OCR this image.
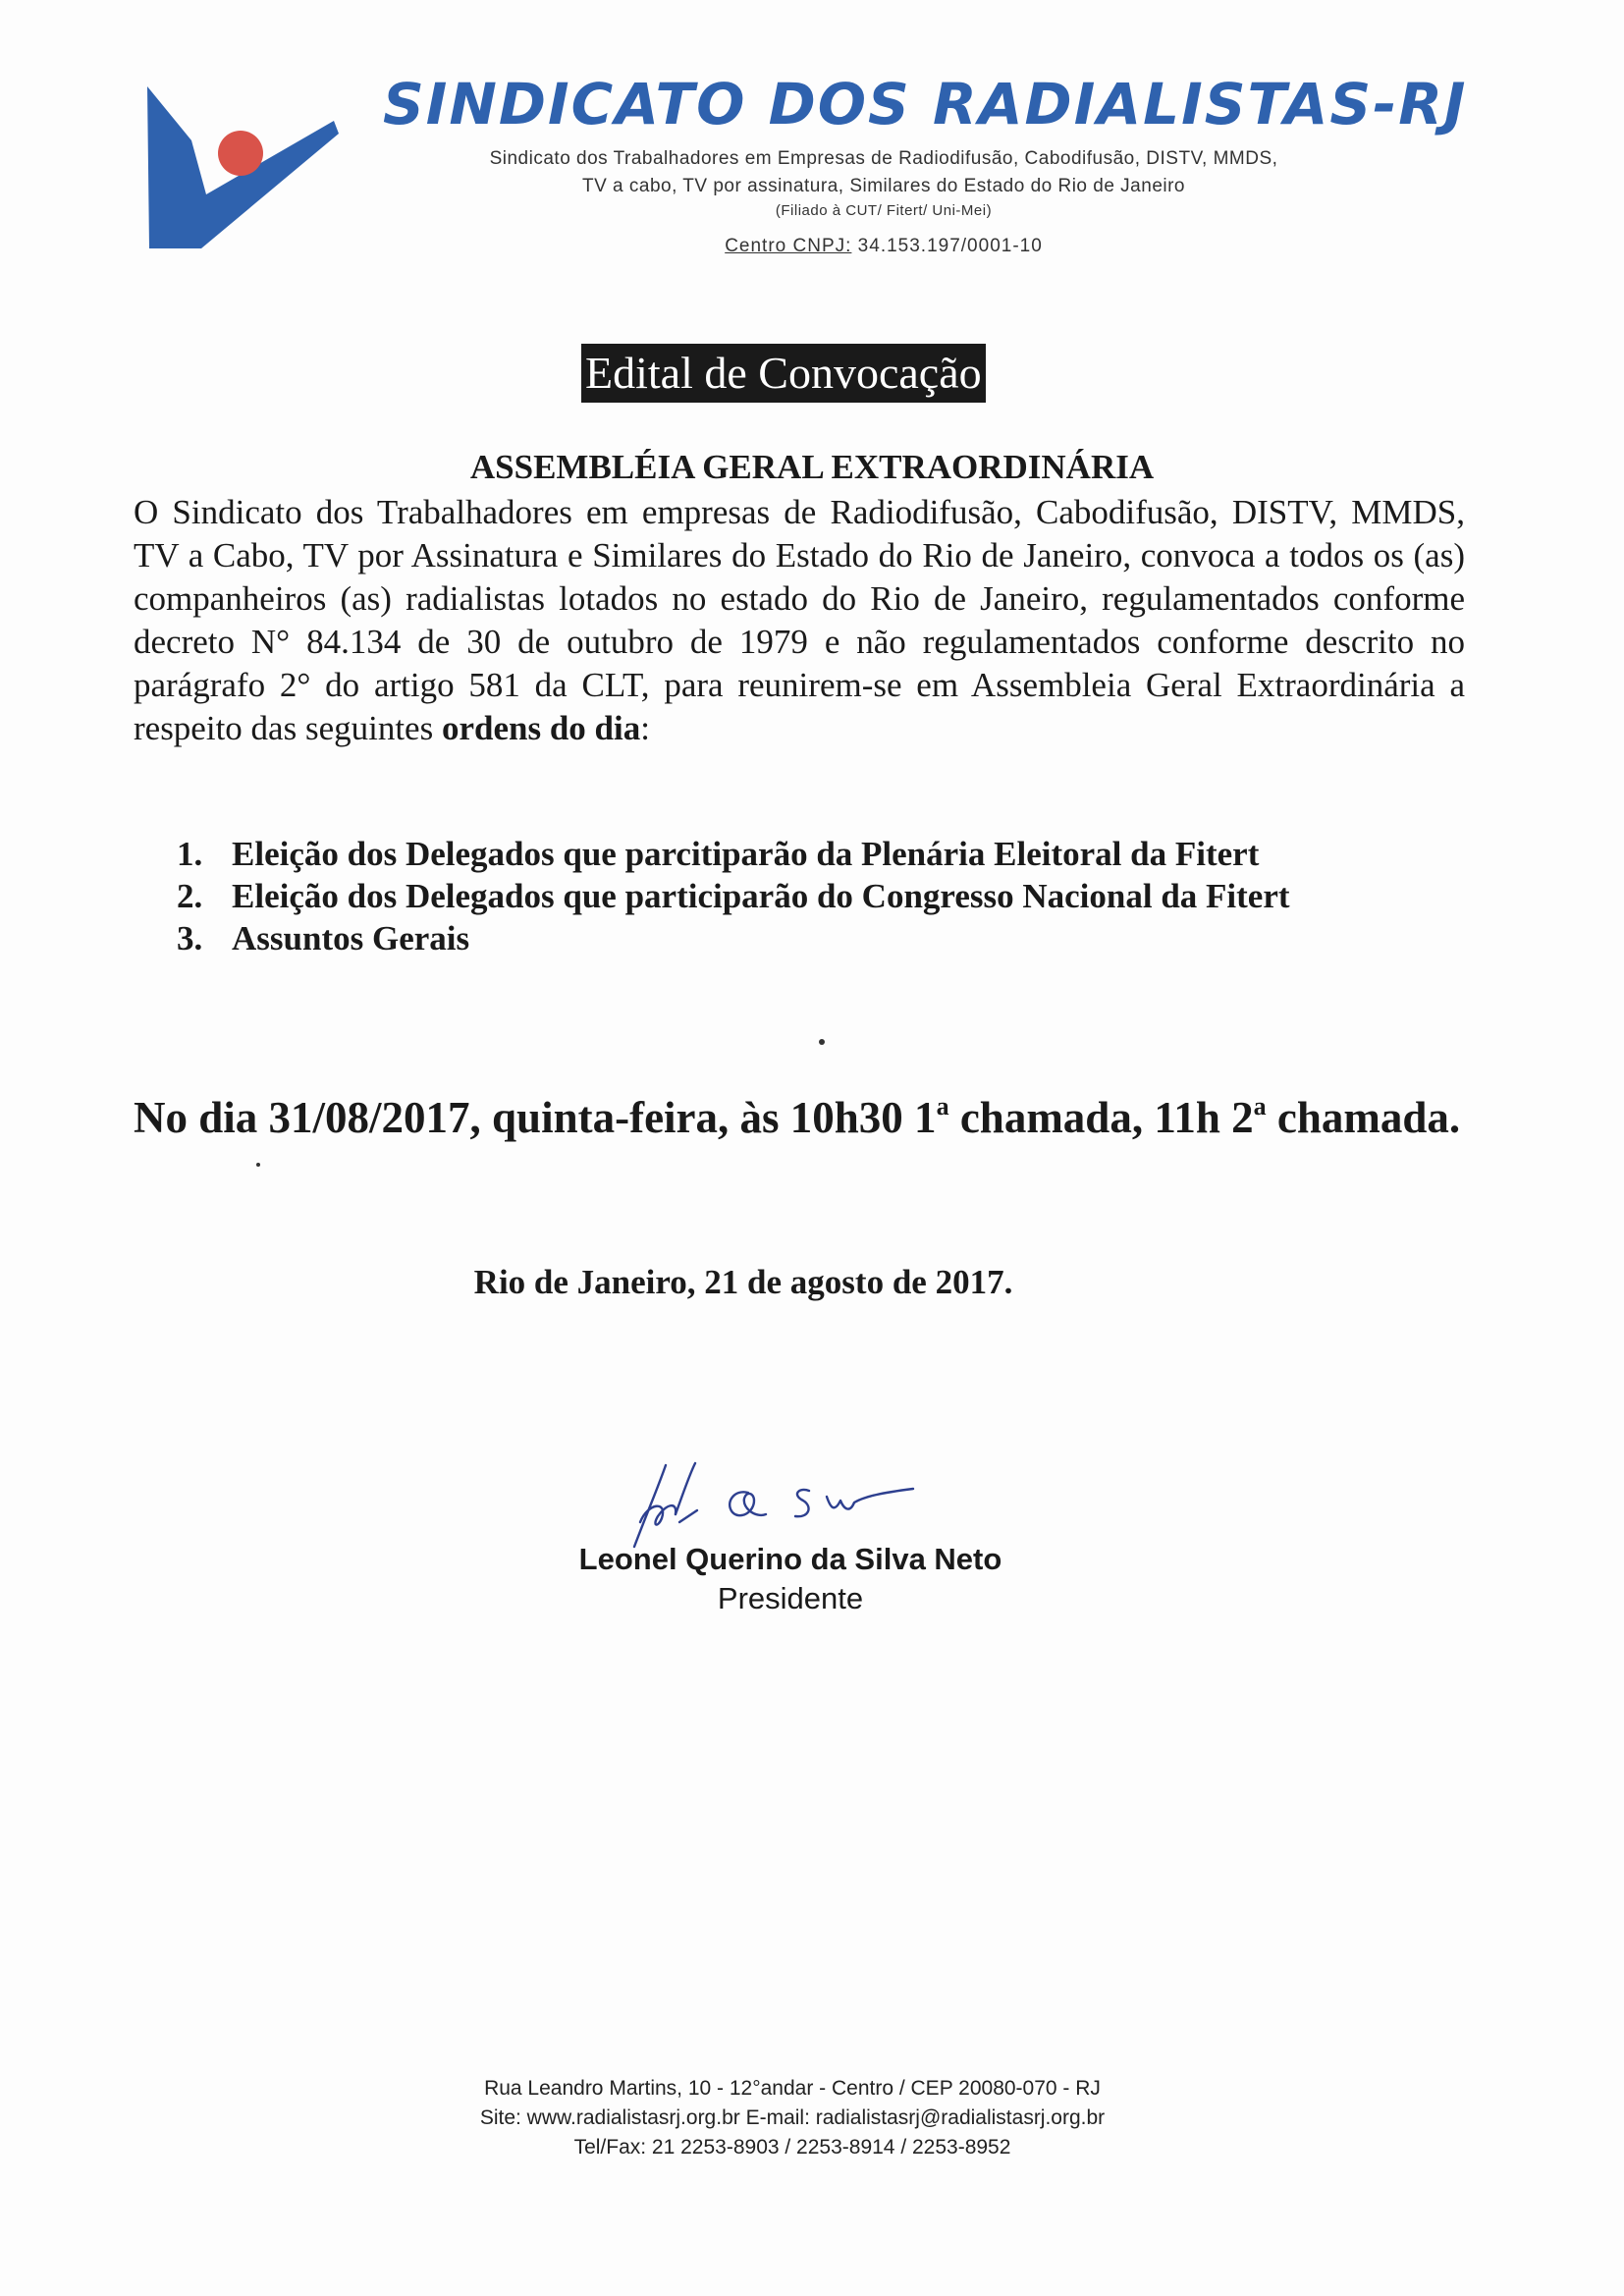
SINDICATO DOS RADIALISTAS-RJ
Sindicato dos Trabalhadores em Empresas de Radiodifusão, Cabodifusão, DISTV, MMDS,
TV a cabo, TV por assinatura, Similares do Estado do Rio de Janeiro
(Filiado à CUT/ Fitert/ Uni-Mei)
Centro CNPJ: 34.153.197/0001-10
Edital de Convocação
ASSEMBLÉIA GERAL EXTRAORDINÁRIA
O Sindicato dos Trabalhadores em empresas de Radiodifusão, Cabodifusão, DISTV, MMDS, TV a Cabo, TV por Assinatura e Similares do Estado do Rio de Janeiro, convoca a todos os (as) companheiros (as) radialistas lotados no estado do Rio de Janeiro, regulamentados conforme decreto N° 84.134 de 30 de outubro de 1979 e não regulamentados conforme descrito no parágrafo 2° do artigo 581 da CLT, para reunirem-se em Assembleia Geral Extraordinária a respeito das seguintes ordens do dia:
1. Eleição dos Delegados que parcitiparão da Plenária Eleitoral da Fitert
2. Eleição dos Delegados que participarão do Congresso Nacional da Fitert
3. Assuntos Gerais
No dia 31/08/2017, quinta-feira, às 10h30 1$^a$ chamada, 11h 2$^a$ chamada.
Rio de Janeiro, 21 de agosto de 2017.
Leonel Querino da Silva Neto
Presidente
Rua Leandro Martins, 10 - 12°andar - Centro / CEP 20080-070 - RJ
Site: www.radialistasrj.org.br E-mail: radialistasrj@radialistasrj.org.br
Tel/Fax: 21 2253-8903 / 2253-8914 / 2253-8952
